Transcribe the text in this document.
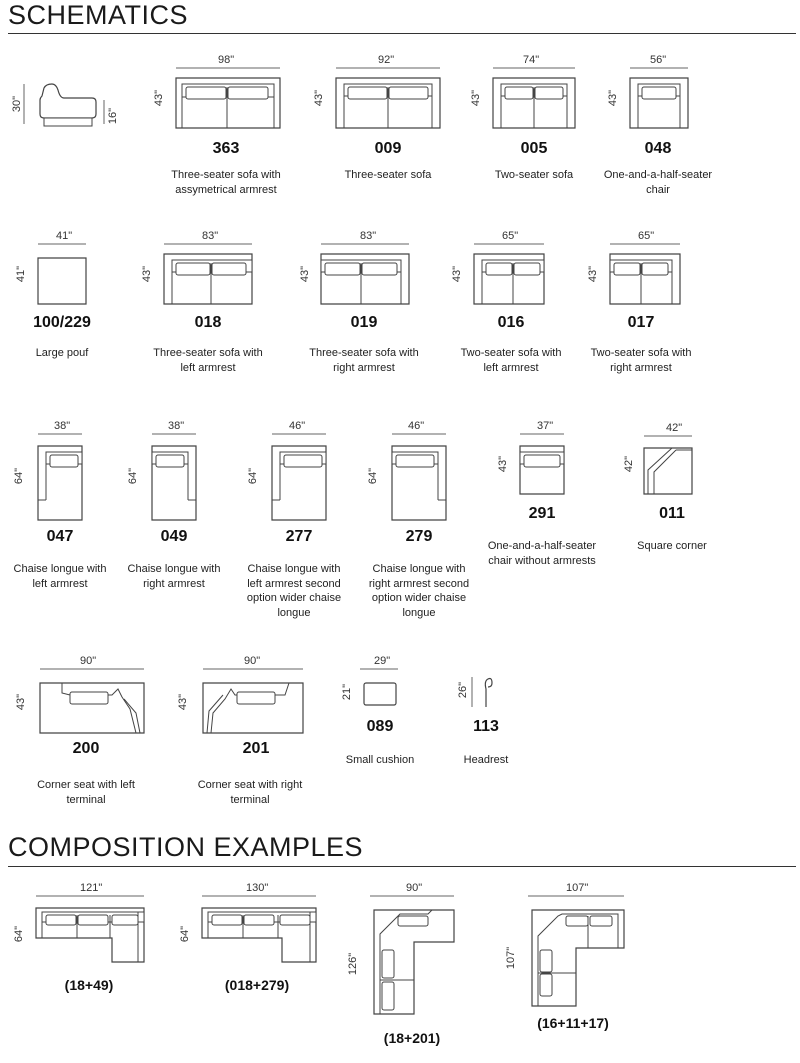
SCHEMATICS
30"
16"
98"
43"
363
Three-seater sofa with
assymetrical armrest
92"
43"
009
Three-seater sofa
74"
43"
005
Two-seater sofa
56"
43"
048
One-and-a-half-seater
chair
41"
41"
100/229
Large pouf
83"
43"
018
Three-seater sofa with
left armrest
83"
43"
019
Three-seater sofa with
right armrest
65"
43"
016
Two-seater sofa with
left armrest
65"
43"
017
Two-seater sofa with
right armrest
38"
64"
047
Chaise longue with
left armrest
38"
64"
049
Chaise longue with
right armrest
46"
64"
277
Chaise longue with
left armrest second
option wider chaise
longue
46"
64"
279
Chaise longue with
right armrest second
option wider chaise
longue
37"
43"
291
One-and-a-half-seater
chair without armrests
42"
42"
011
Square corner
90"
43"
200
Corner seat with left
terminal
90"
43"
201
Corner seat with right
terminal
29"
21"
089
Small cushion
26"
113
Headrest
COMPOSITION EXAMPLES
121"
64"
(18+49)
130"
64"
(018+279)
90"
126"
(18+201)
107"
107"
(16+11+17)
